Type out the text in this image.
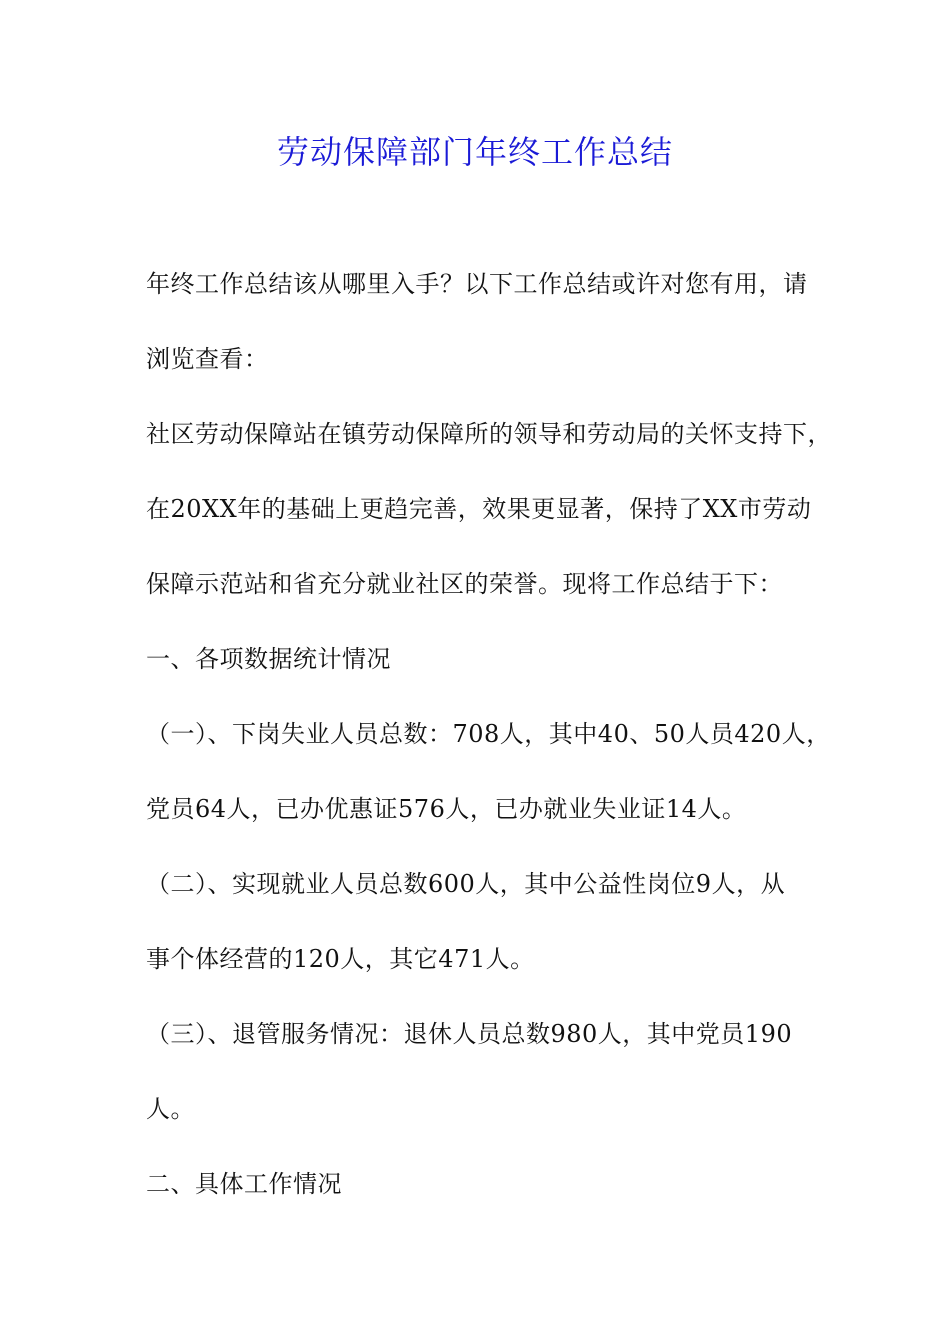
劳动保障部门年终工作总结
年终工作总结该从哪里入手？以下工作总结或许对您有用，请
浏览查看：
社区劳动保障站在镇劳动保障所的领导和劳动局的关怀支持下，
在20XX年的基础上更趋完善，效果更显著，保持了XX市劳动
保障示范站和省充分就业社区的荣誉。现将工作总结于下：
一、各项数据统计情况
（一）、下岗失业人员总数：708人，其中40、50人员420人，
党员64人，已办优惠证576人，已办就业失业证14人。
（二）、实现就业人员总数600人，其中公益性岗位9人，从
事个体经营的120人，其它471人。
（三）、退管服务情况：退休人员总数980人，其中党员190
人。
二、具体工作情况
